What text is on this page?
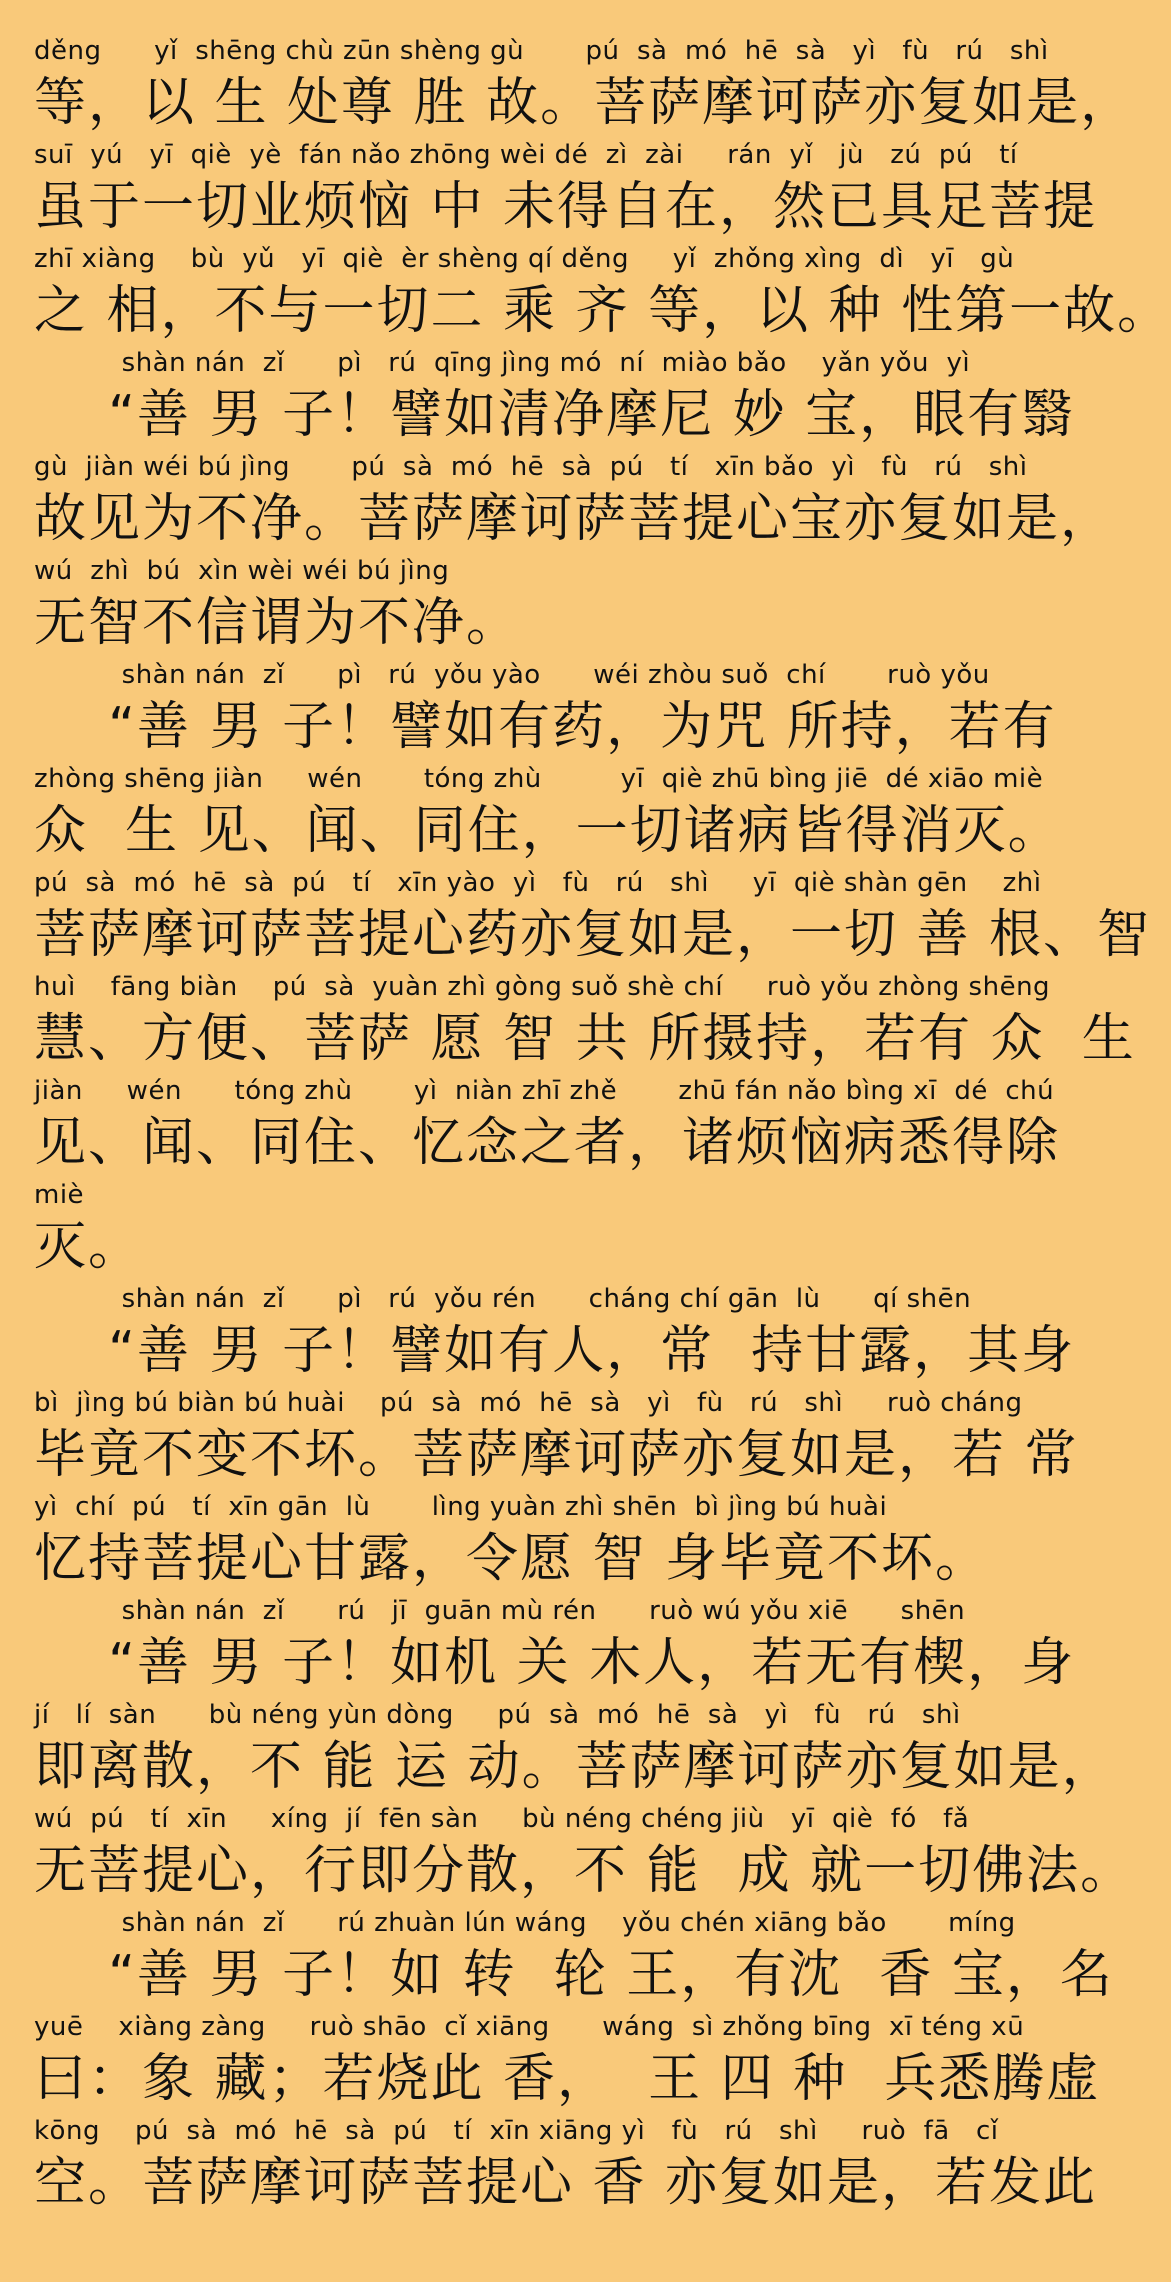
děng      yǐ  shēng chù zūn shèng gù       pú  sà  mó  hē  sà   yì   fù   rú   shì
等，以 生 处尊 胜 故。菩萨摩诃萨亦复如是，
suī  yú   yī  qiè  yè  fán nǎo zhōng wèi dé  zì  zài     rán  yǐ   jù   zú  pú   tí
虽于一切业烦恼 中 未得自在，然已具足菩提
zhī xiàng    bù  yǔ   yī  qiè  èr shèng qí děng     yǐ  zhǒng xìng  dì   yī   gù
之 相，不与一切二 乘 齐 等，以 种 性第一故。
shàn nán  zǐ      pì   rú  qīng jìng mó  ní  miào bǎo    yǎn yǒu  yì
“善 男 子！譬如清净摩尼 妙 宝，眼有翳
gù  jiàn wéi bú jìng       pú  sà  mó  hē  sà  pú   tí   xīn bǎo  yì   fù   rú   shì
故见为不净。菩萨摩诃萨菩提心宝亦复如是，
wú  zhì  bú  xìn wèi wéi bú jìng
无智不信谓为不净。
shàn nán  zǐ      pì   rú  yǒu yào      wéi zhòu suǒ  chí       ruò yǒu
“善 男 子！譬如有药，为咒 所持，若有
zhòng shēng jiàn     wén       tóng zhù         yī  qiè zhū bìng jiē  dé xiāo miè
众  生 见、闻、同住，一切诸病皆得消灭。
pú  sà  mó  hē  sà  pú   tí   xīn yào  yì   fù   rú   shì     yī  qiè shàn gēn    zhì
菩萨摩诃萨菩提心药亦复如是，一切 善 根、智
huì    fāng biàn    pú  sà  yuàn zhì gòng suǒ shè chí     ruò yǒu zhòng shēng
慧、方便、菩萨 愿 智 共 所摄持，若有 众  生
jiàn     wén      tóng zhù       yì  niàn zhī zhě       zhū fán nǎo bìng xī  dé  chú
见、闻、同住、忆念之者，诸烦恼病悉得除
miè
灭。
shàn nán  zǐ      pì   rú  yǒu rén      cháng chí gān  lù      qí shēn
“善 男 子！譬如有人，常  持甘露，其身
bì  jìng bú biàn bú huài    pú  sà  mó  hē  sà   yì   fù   rú   shì     ruò cháng
毕竟不变不坏。菩萨摩诃萨亦复如是，若 常
yì  chí  pú   tí  xīn gān  lù       lìng yuàn zhì shēn  bì jìng bú huài
忆持菩提心甘露，令愿 智 身毕竟不坏。
shàn nán  zǐ      rú   jī  guān mù rén      ruò wú yǒu xiē      shēn
“善 男 子！如机 关 木人，若无有楔，身
jí   lí  sàn      bù néng yùn dòng     pú  sà  mó  hē  sà   yì   fù   rú   shì
即离散，不 能 运 动。菩萨摩诃萨亦复如是，
wú  pú   tí  xīn     xíng  jí  fēn sàn     bù néng chéng jiù   yī  qiè  fó   fǎ
无菩提心，行即分散，不 能  成 就一切佛法。
shàn nán  zǐ      rú zhuàn lún wáng    yǒu chén xiāng bǎo       míng
“善 男 子！如 转  轮 王，有沈  香 宝，名
yuē    xiàng zàng     ruò shāo  cǐ xiāng      wáng  sì zhǒng bīng  xī téng xū
曰：象 藏；若烧此 香，  王 四 种  兵悉腾虚
kōng    pú  sà  mó  hē  sà  pú   tí  xīn xiāng yì   fù   rú   shì     ruò  fā   cǐ
空。菩萨摩诃萨菩提心 香 亦复如是，若发此
